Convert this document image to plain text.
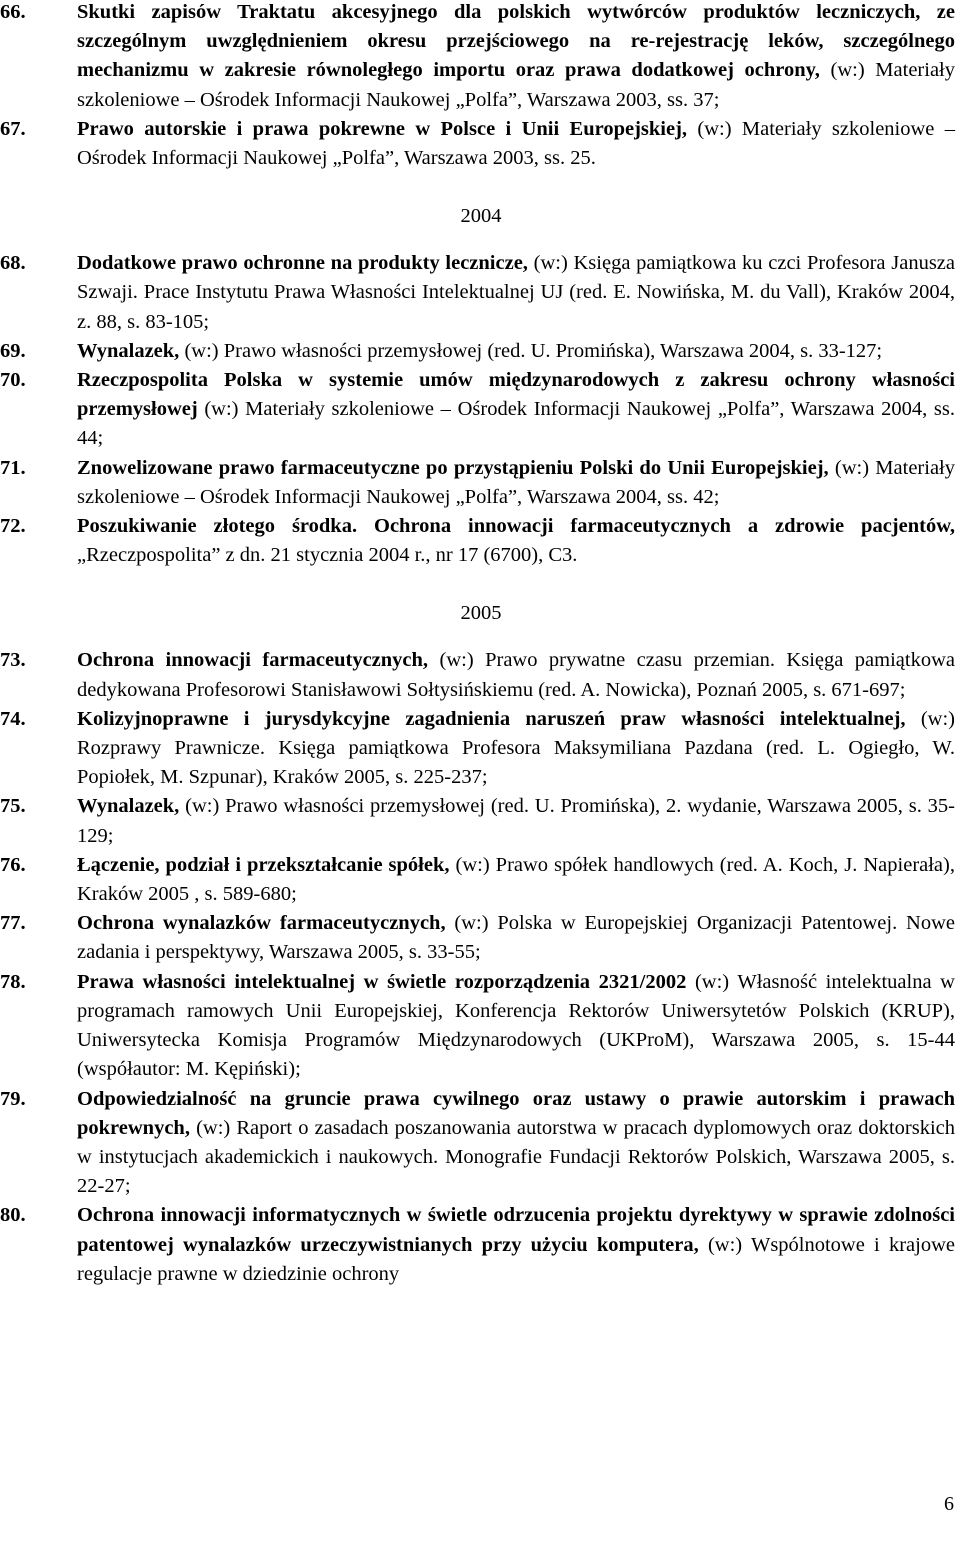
66.	Skutki zapisów Traktatu akcesyjnego dla polskich wytwórców produktów leczniczych, ze szczególnym uwzględnieniem okresu przejściowego na re-rejestrację leków, szczególnego mechanizmu w zakresie równoległego importu oraz prawa dodatkowej ochrony, (w:) Materiały szkoleniowe – Ośrodek Informacji Naukowej „Polfa”, Warszawa 2003, ss. 37;
67.	Prawo autorskie i prawa pokrewne w Polsce i Unii Europejskiej, (w:) Materiały szkoleniowe – Ośrodek Informacji Naukowej „Polfa”, Warszawa 2003, ss. 25.
2004
68.	Dodatkowe prawo ochronne na produkty lecznicze, (w:) Księga pamiątkowa ku czci Profesora Janusza Szwaji. Prace Instytutu Prawa Własności Intelektualnej UJ (red. E. Nowińska, M. du Vall), Kraków 2004, z. 88, s. 83-105;
69.	Wynalazek, (w:) Prawo własności przemysłowej (red. U. Promińska), Warszawa 2004, s. 33-127;
70.	Rzeczpospolita Polska w systemie umów międzynarodowych z zakresu ochrony własności przemysłowej (w:) Materiały szkoleniowe – Ośrodek Informacji Naukowej „Polfa”, Warszawa 2004, ss. 44;
71.	Znowelizowane prawo farmaceutyczne po przystąpieniu Polski do Unii Europejskiej, (w:) Materiały szkoleniowe – Ośrodek Informacji Naukowej „Polfa”, Warszawa 2004, ss. 42;
72.	Poszukiwanie złotego środka. Ochrona innowacji farmaceutycznych a zdrowie pacjentów, „Rzeczpospolita” z dn. 21 stycznia 2004 r., nr 17 (6700), C3.
2005
73.	Ochrona innowacji farmaceutycznych, (w:) Prawo prywatne czasu przemian. Księga pamiątkowa dedykowana Profesorowi Stanisławowi Sołtysińskiemu (red. A. Nowicka), Poznań 2005, s. 671-697;
74.	Kolizyjnoprawne i jurysdykcyjne zagadnienia naruszeń praw własności intelektualnej, (w:) Rozprawy Prawnicze. Księga pamiątkowa Profesora Maksymiliana Pazdana (red. L. Ogiegło, W. Popiołek, M. Szpunar), Kraków 2005, s. 225-237;
75.	Wynalazek, (w:) Prawo własności przemysłowej (red. U. Promińska), 2. wydanie, Warszawa 2005, s. 35-129;
76.	Łączenie, podział i przekształcanie spółek, (w:) Prawo spółek handlowych (red. A. Koch, J. Napierała), Kraków 2005 , s. 589-680;
77.	Ochrona wynalazków farmaceutycznych, (w:) Polska w Europejskiej Organizacji Patentowej. Nowe zadania i perspektywy, Warszawa 2005, s. 33-55;
78.	Prawa własności intelektualnej w świetle rozporządzenia 2321/2002 (w:) Własność intelektualna w programach ramowych Unii Europejskiej, Konferencja Rektorów Uniwersytetów Polskich (KRUP), Uniwersytecka Komisja Programów Międzynarodowych (UKProM), Warszawa 2005, s. 15-44 (współautor: M. Kępiński);
79.	Odpowiedzialność na gruncie prawa cywilnego oraz ustawy o prawie autorskim i prawach pokrewnych, (w:) Raport o zasadach poszanowania autorstwa w pracach dyplomowych oraz doktorskich w instytucjach akademickich i naukowych. Monografie Fundacji Rektorów Polskich, Warszawa 2005, s. 22-27;
80.	Ochrona innowacji informatycznych w świetle odrzucenia projektu dyrektywy w sprawie zdolności patentowej wynalazków urzeczywistnianych przy użyciu komputera, (w:) Wspólnotowe i krajowe regulacje prawne w dziedzinie ochrony
6
